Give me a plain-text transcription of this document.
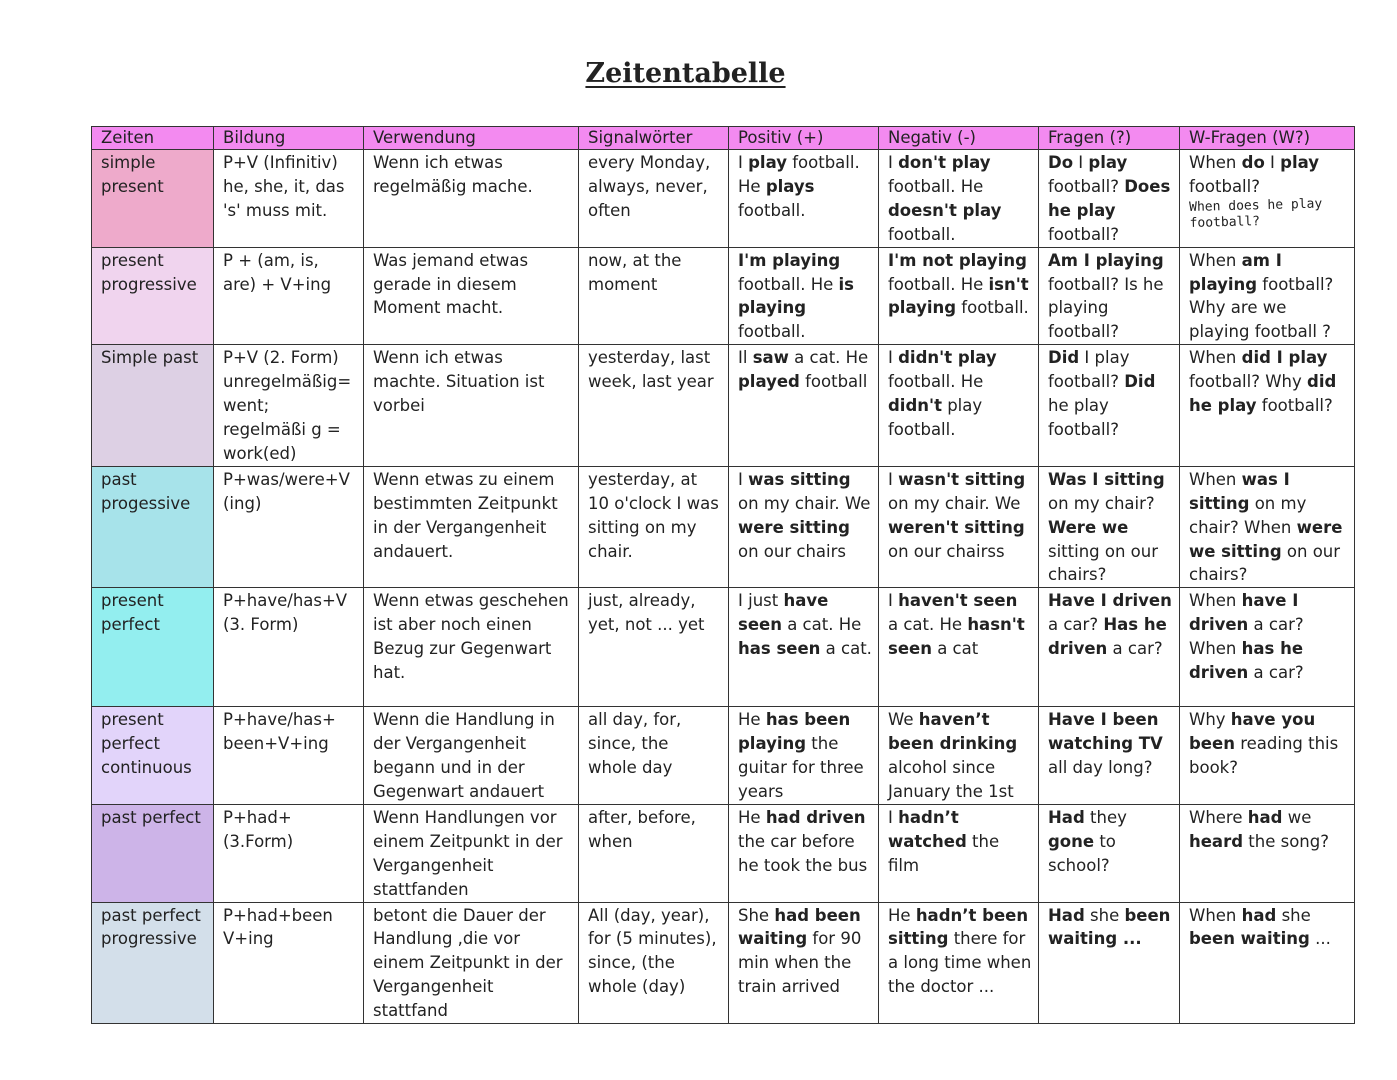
Zeitentabelle
Zeiten	Bildung	Verwendung	Signalwörter	Positiv (+)	Negativ (-)	Fragen (?)	W-Fragen (W?)
simple present	P+V (Infinitiv) he, she, it, das 's' muss mit.	Wenn ich etwas regelmäßig mache.	every Monday, always, never, often	I play football. He plays football.	I don't play football. He doesn't play football.	Do I play football? Does he play football?	When do I play football?
When does he play football?

present progressive	P + (am, is, are) + V+ing	Was jemand etwas gerade in diesem Moment macht.	now, at the moment	I'm playing football. He is playing football.	I'm not playing football. He isn't playing football.	Am I playing football? Is he playing football?	When am I playing football? Why are we playing football ?
Simple past	P+V (2. Form) unregelmäßig= went; regelmäßi g = work(ed)	Wenn ich etwas machte. Situation ist vorbei	yesterday, last week, last year	Il saw a cat. He played football	I didn't play football. He didn't play football.	Did I play football? Did he play football?	When did I play football? Why did he play football?
past progessive	P+was/were+V (ing)	Wenn etwas zu einem bestimmten Zeitpunkt in der Vergangenheit andauert.	yesterday, at 10 o'clock I was sitting on my chair.	I was sitting on my chair. We were sitting on our chairs	I wasn't sitting on my chair. We weren't sitting on our chairss	Was I sitting on my chair? Were we sitting on our chairs?	When was I sitting on my chair? When were we sitting on our chairs?
present perfect	P+have/has+V (3. Form)	Wenn etwas geschehen ist aber noch einen Bezug zur Gegenwart hat.	just, already, yet, not ... yet	I just have seen a cat. He has seen a cat.	I haven't seen a cat. He hasn't seen a cat	Have I driven a car? Has he driven a car?	When have I driven a car? When has he driven a car?
present perfect continuous	P+have/has+ been+V+ing	Wenn die Handlung in der Vergangenheit begann und in der Gegenwart andauert	all day, for, since, the whole day	He has been playing the guitar for three years	We haven’t been drinking alcohol since January the 1st	Have I been watching TV all day long?	Why have you been reading this book?
past perfect	P+had+ (3.Form)	Wenn Handlungen vor einem Zeitpunkt in der Vergangenheit stattfanden	after, before, when	He had driven the car before he took the bus	I hadn’t watched the film	Had they gone to school?	Where had we heard the song?
past perfect progressive	P+had+been V+ing	betont die Dauer der Handlung ,die vor einem Zeitpunkt in der Vergangenheit stattfand	All (day, year), for (5 minutes), since, (the whole (day)	She had been waiting for 90 min when the train arrived	He hadn’t been sitting there for a long time when the doctor ...	Had she been waiting ...	When had she been waiting ...
